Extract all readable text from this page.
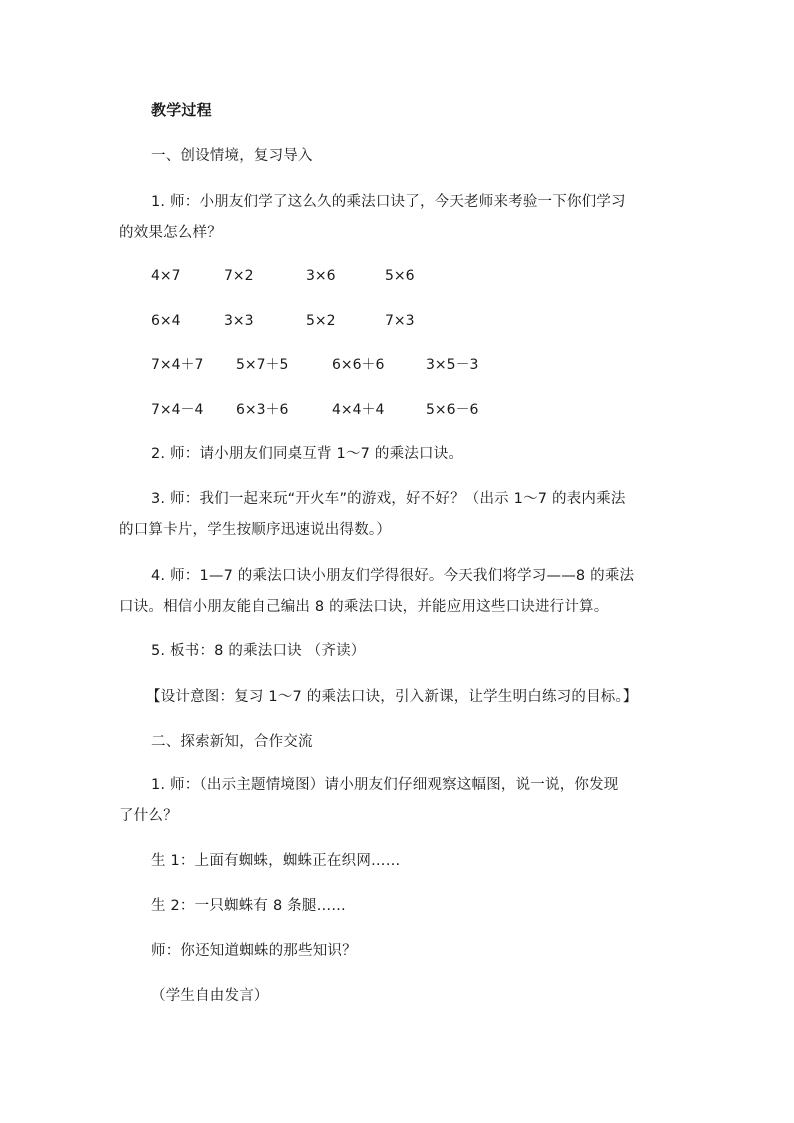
教学过程
一、创设情境，复习导入
1. 师：小朋友们学了这么久的乘法口诀了，今天老师来考验一下你们学习
的效果怎么样？
4×7	7×2	3×6	5×6
6×4	3×3	5×2	7×3
7×4＋7 5×7＋5	6×6＋6	3×5－3
7×4－4 6×3＋6	4×4＋4	5×6－6
2. 师：请小朋友们同桌互背 1～7 的乘法口诀。
3. 师：我们一起来玩“开火车”的游戏，好不好？（出示 1～7 的表内乘法
的口算卡片，学生按顺序迅速说出得数。）
4. 师：1—7 的乘法口诀小朋友们学得很好。今天我们将学习——8 的乘法
口诀。相信小朋友能自己编出 8 的乘法口诀，并能应用这些口诀进行计算。
5. 板书：8 的乘法口诀 （齐读）
【设计意图：复习 1～7 的乘法口诀，引入新课，让学生明白练习的目标。】
二、探索新知，合作交流
1. 师：（出示主题情境图）请小朋友们仔细观察这幅图，说一说，你发现
了什么？
生 1：上面有蜘蛛，蜘蛛正在织网……
生 2：一只蜘蛛有 8 条腿……
师：你还知道蜘蛛的那些知识？
（学生自由发言）
